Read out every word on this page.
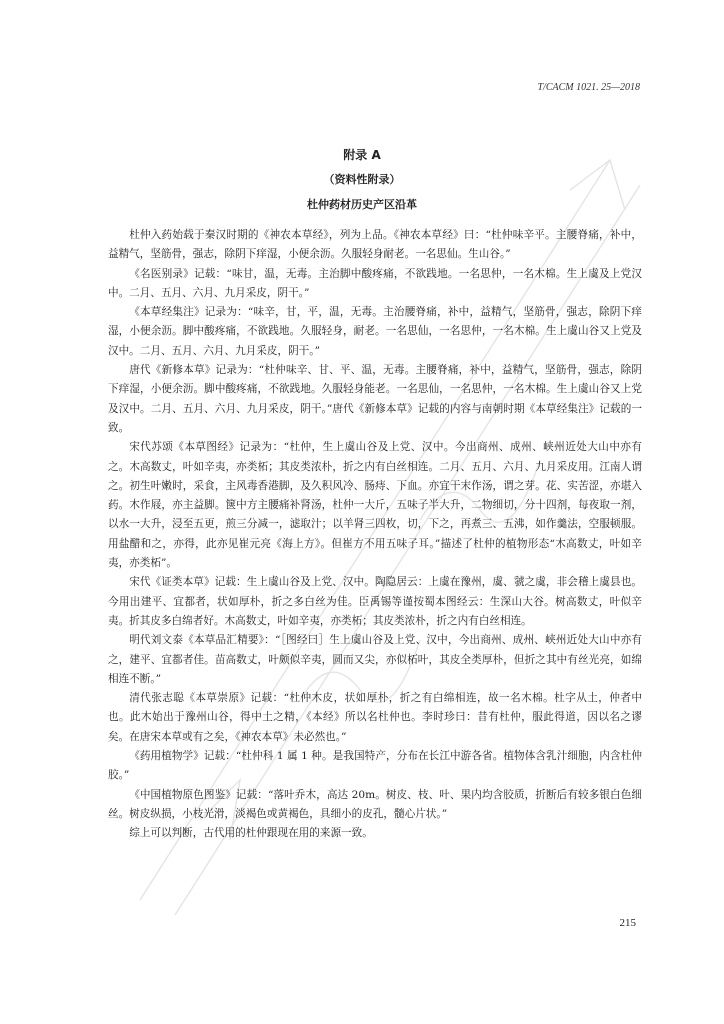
T/CACM 1021. 25—2018
附录 A
（资料性附录）
杜仲药材历史产区沿革

杜仲入药始载于秦汉时期的《神农本草经》，列为上品。《神农本草经》曰：“杜仲味辛平。主腰脊痛，补中，益精气，坚筋骨，强志，除阴下痒湿，小便余沥。久服轻身耐老。一名思仙。生山谷。”

《名医别录》记载：“味甘，温，无毒。主治脚中酸疼痛，不欲践地。一名思仲，一名木棉。生上虞及上党汉中。二月、五月、六月、九月采皮，阴干。”

《本草经集注》记录为：“味辛，甘，平，温，无毒。主治腰脊痛，补中，益精气，坚筋骨，强志，除阴下痒湿，小便余沥。脚中酸疼痛，不欲践地。久服轻身，耐老。一名思仙，一名思仲，一名木棉。生上虞山谷又上党及汉中。二月、五月、六月、九月采皮，阴干。”

唐代《新修本草》记录为：“杜仲味辛、甘、平、温，无毒。主腰脊痛，补中，益精气，坚筋骨，强志，除阴下痒湿，小便余沥。脚中酸疼痛，不欲践地。久服轻身能老。一名思仙，一名思仲，一名木棉。生上虞山谷又上党及汉中。二月、五月、六月、九月采皮，阴干。”唐代《新修本草》记载的内容与南朝时期《本草经集注》记载的一致。

宋代苏颂《本草图经》记录为：“杜仲，生上虞山谷及上党、汉中。今出商州、成州、峡州近处大山中亦有之。木高数丈，叶如辛夷，亦类柘；其皮类浓朴，折之内有白丝相连。二月、五月、六月、九月采皮用。江南人谓之。初生叶嫩时，采食，主风毒香港脚，及久积风冷、肠痔、下血。亦宜干末作汤，谓之芽。花、实苦涩，亦堪入药。木作屐，亦主益脚。箧中方主腰痛补肾汤，杜仲一大斤，五味子半大升，二物细切，分十四剂，每夜取一剂，以水一大升，浸至五更，煎三分减一，滤取汁；以羊肾三四枚，切，下之，再煮三、五沸，如作羹法，空服顿服。用盐醋和之，亦得，此亦见崔元亮《海上方》。但崔方不用五味子耳。”描述了杜仲的植物形态“木高数丈，叶如辛夷，亦类柘”。

宋代《证类本草》记载：生上虞山谷及上党、汉中。陶隐居云：上虞在豫州，虞、虢之虞，非会稽上虞县也。今用出建平、宜都者，状如厚朴，折之多白丝为佳。臣禹锡等谨按蜀本图经云：生深山大谷。树高数丈，叶似辛夷。折其皮多白绵者好。木高数丈，叶如辛夷，亦类柘；其皮类浓朴，折之内有白丝相连。

明代刘文泰《本草品汇精要》：“［图经曰］生上虞山谷及上党、汉中，今出商州、成州、峡州近处大山中亦有之，建平、宜都者佳。苗高数丈，叶颇似辛夷，圆而又尖，亦似柘叶，其皮全类厚朴，但折之其中有丝光亮，如绵相连不断。”

清代张志聪《本草崇原》记载：“杜仲木皮，状如厚朴，折之有白绵相连，故一名木棉。杜字从土，仲者中也。此木始出于豫州山谷，得中土之精，《本经》所以名杜仲也。李时珍曰：昔有杜仲，服此得道，因以名之谬矣。在唐宋本草或有之矣，《神农本草》未必然也。”

《药用植物学》记载：“杜仲科 1 属 1 种。是我国特产，分布在长江中游各省。植物体含乳汁细胞，内含杜仲胶。”

《中国植物原色图鉴》记载：“落叶乔木，高达 20m。树皮、枝、叶、果内均含胶质，折断后有较多银白色细丝。树皮纵损，小枝光滑，淡褐色或黄褐色，具细小的皮孔，髓心片状。”

综上可以判断，古代用的杜仲跟现在用的来源一致。

215
